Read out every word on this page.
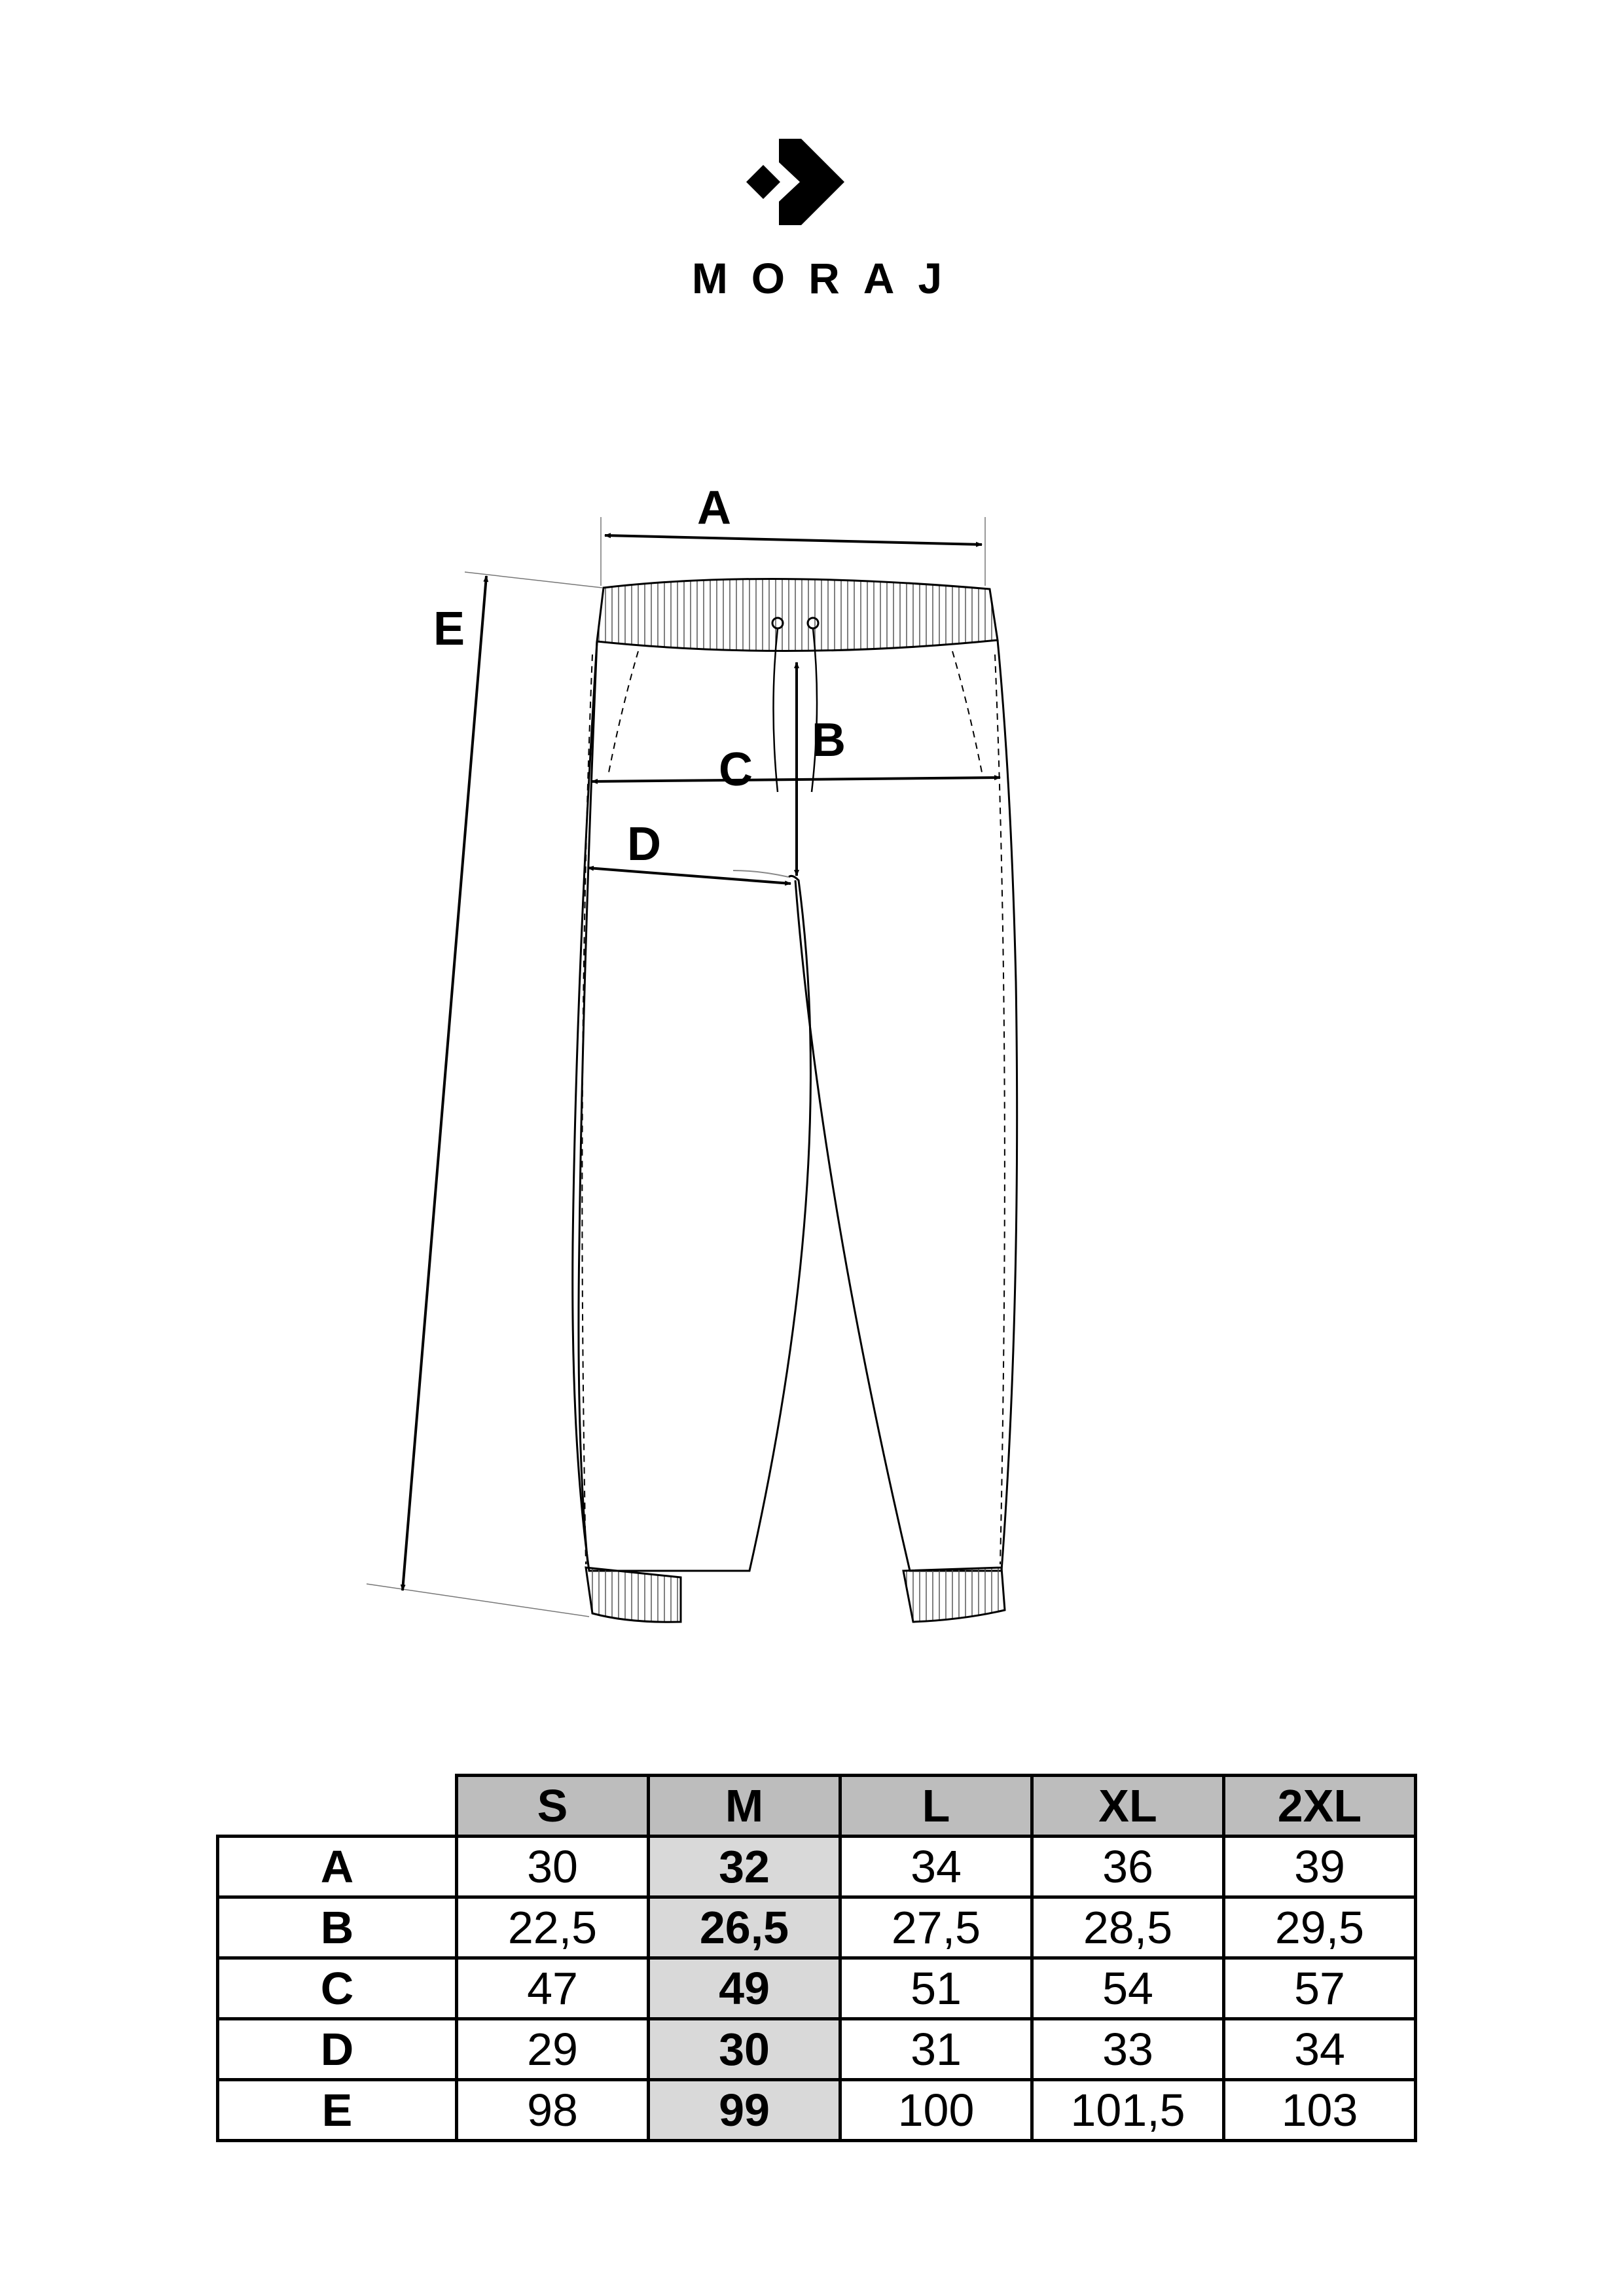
MORAJ
A
B
C
D
E
	S	M	L	XL	2XL
A	30	32	34	36	39
B	22,5	26,5	27,5	28,5	29,5
C	47	49	51	54	57
D	29	30	31	33	34
E	98	99	100	101,5	103
